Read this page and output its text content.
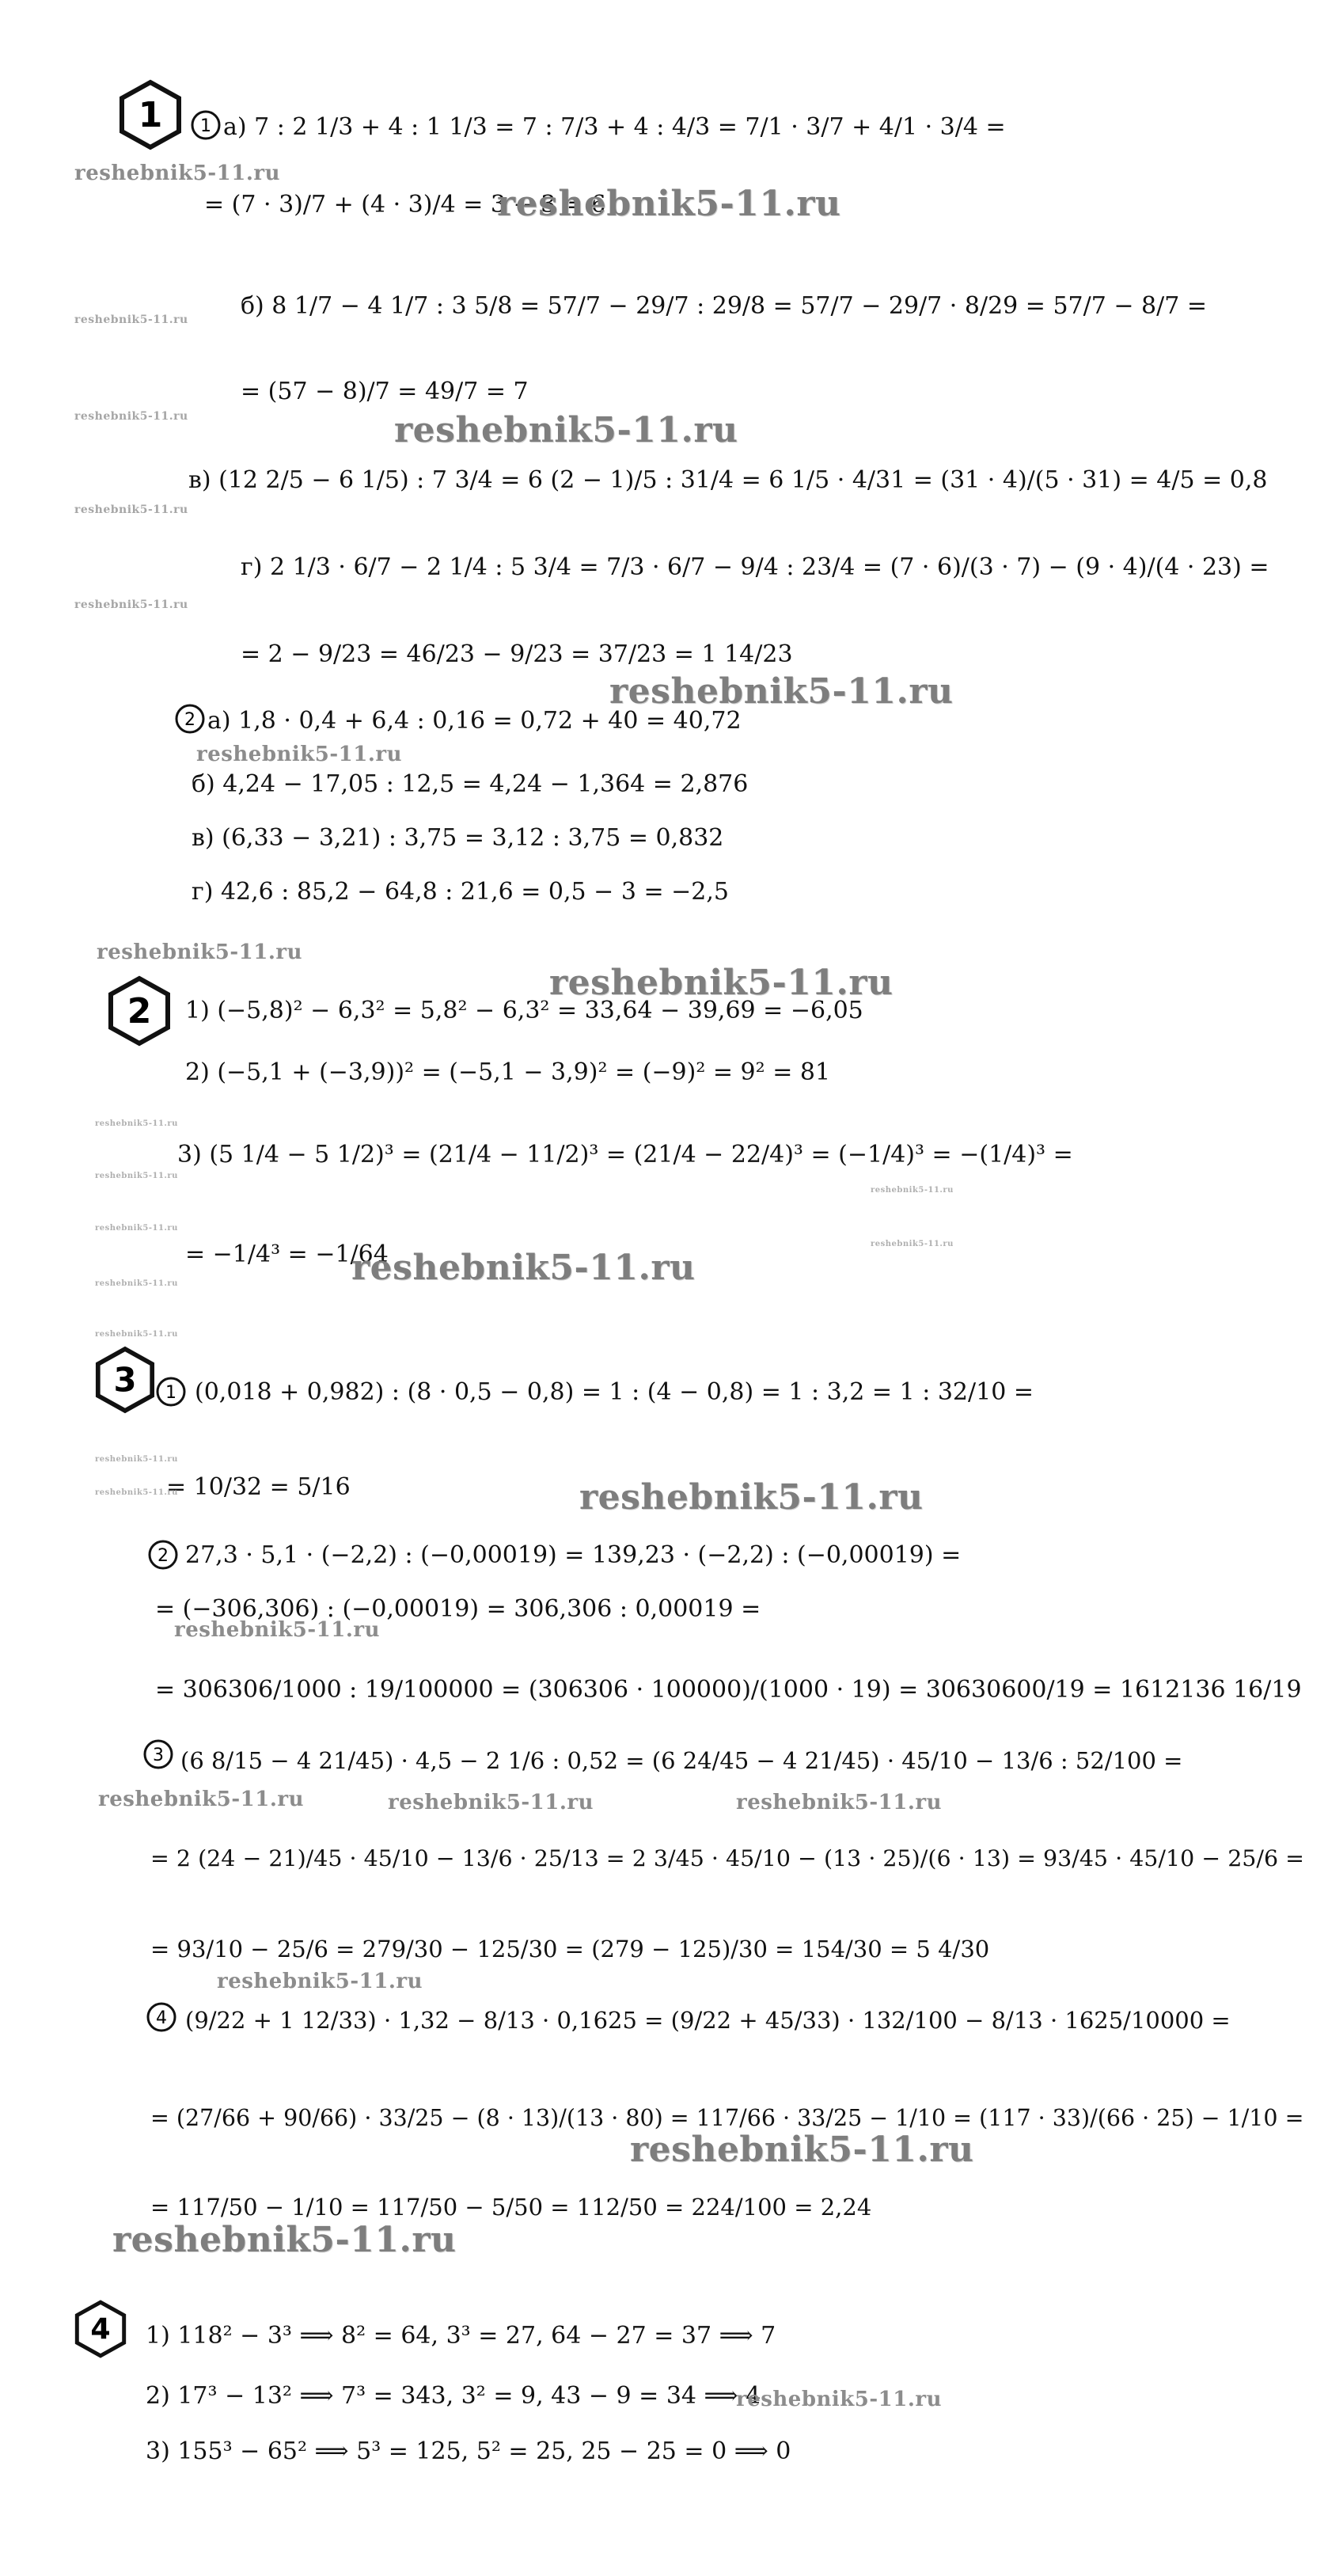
1 1 а) 7 : 2 1/3 + 4 : 1 1/3 = 7 : 7/3 + 4 : 4/3 = 7/1 · 3/7 + 4/1 · 3/4 =
= (7 · 3)/7 + (4 · 3)/4 = 3 + 3 = 6
б) 8 1/7 − 4 1/7 : 3 5/8 = 57/7 − 29/7 : 29/8 = 57/7 − 29/7 · 8/29 = 57/7 − 8/7 =
= (57 − 8)/7 = 49/7 = 7
в) (12 2/5 − 6 1/5) : 7 3/4 = 6 (2 − 1)/5 : 31/4 = 6 1/5 · 4/31 = (31 · 4)/(5 · 31) = 4/5 = 0,8
г) 2 1/3 · 6/7 − 2 1/4 : 5 3/4 = 7/3 · 6/7 − 9/4 : 23/4 = (7 · 6)/(3 · 7) − (9 · 4)/(4 · 23) =
= 2 − 9/23 = 46/23 − 9/23 = 37/23 = 1 14/23
2 а) 1,8 · 0,4 + 6,4 : 0,16 = 0,72 + 40 = 40,72
б) 4,24 − 17,05 : 12,5 = 4,24 − 1,364 = 2,876
в) (6,33 − 3,21) : 3,75 = 3,12 : 3,75 = 0,832
г) 42,6 : 85,2 − 64,8 : 21,6 = 0,5 − 3 = −2,5
2 1) (−5,8)² − 6,3² = 5,8² − 6,3² = 33,64 − 39,69 = −6,05
2) (−5,1 + (−3,9))² = (−5,1 − 3,9)² = (−9)² = 9² = 81
3) (5 1/4 − 5 1/2)³ = (21/4 − 11/2)³ = (21/4 − 22/4)³ = (−1/4)³ = −(1/4)³ =
= −1/4³ = −1/64
3 1 (0,018 + 0,982) : (8 · 0,5 − 0,8) = 1 : (4 − 0,8) = 1 : 3,2 = 1 : 32/10 =
= 10/32 = 5/16
2 27,3 · 5,1 · (−2,2) : (−0,00019) = 139,23 · (−2,2) : (−0,00019) =
= (−306,306) : (−0,00019) = 306,306 : 0,00019 =
= 306306/1000 : 19/100000 = (306306 · 100000)/(1000 · 19) = 30630600/19 = 1612136 16/19
3 (6 8/15 − 4 21/45) · 4,5 − 2 1/6 : 0,52 = (6 24/45 − 4 21/45) · 45/10 − 13/6 : 52/100 =
= 2 (24 − 21)/45 · 45/10 − 13/6 · 25/13 = 2 3/45 · 45/10 − (13 · 25)/(6 · 13) = 93/45 · 45/10 − 25/6 =
= 93/10 − 25/6 = 279/30 − 125/30 = (279 − 125)/30 = 154/30 = 5 4/30
4 (9/22 + 1 12/33) · 1,32 − 8/13 · 0,1625 = (9/22 + 45/33) · 132/100 − 8/13 · 1625/10000 =
= (27/66 + 90/66) · 33/25 − (8 · 13)/(13 · 80) = 117/66 · 33/25 − 1/10 = (117 · 33)/(66 · 25) − 1/10 =
= 117/50 − 1/10 = 117/50 − 5/50 = 112/50 = 224/100 = 2,24
4 1) 118² − 3³ ⟹ 8² = 64, 3³ = 27, 64 − 27 = 37 ⟹ 7
2) 17³ − 13² ⟹ 7³ = 343, 3² = 9, 43 − 9 = 34 ⟹ 4
3) 155³ − 65² ⟹ 5³ = 125, 5² = 25, 25 − 25 = 0 ⟹ 0
reshebnik5-11.ru
reshebnik5-11.ru
reshebnik5-11.ru
reshebnik5-11.ru	reshebnik5-11.ru
reshebnik5-11.ru
reshebnik5-11.ru
reshebnik5-11.ru
reshebnik5-11.ru
reshebnik5-11.ru
reshebnik5-11.ru
reshebnik5-11.ru
reshebnik5-11.ru
reshebnik5-11.ru
reshebnik5-11.ru
reshebnik5-11.ru
reshebnik5-11.ru
reshebnik5-11.ru
reshebnik5-11.ru
reshebnik5-11.ru
reshebnik5-11.ru	reshebnik5-11.ru
reshebnik5-11.ru
reshebnik5-11.ru	reshebnik5-11.ru	reshebnik5-11.ru
reshebnik5-11.ru
reshebnik5-11.ru
reshebnik5-11.ru
reshebnik5-11.ru
